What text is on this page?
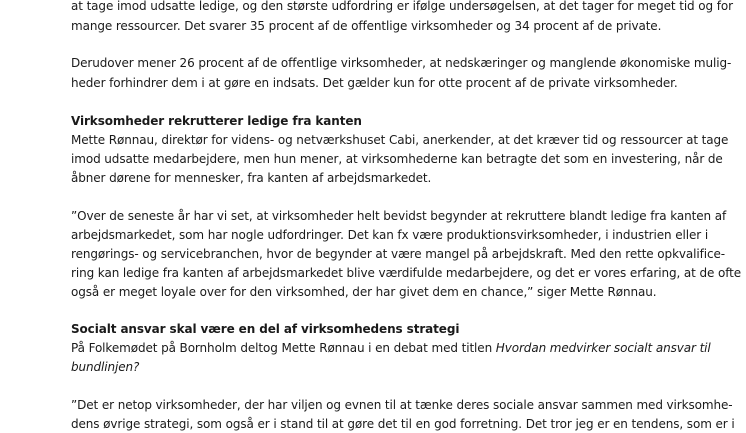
at tage imod udsatte ledige, og den største udfordring er ifølge undersøgelsen, at det tager for meget tid og for
mange ressourcer. Det svarer 35 procent af de offentlige virksomheder og 34 procent af de private.
Derudover mener 26 procent af de offentlige virksomheder, at nedskæringer og manglende økonomiske mulig-
heder forhindrer dem i at gøre en indsats. Det gælder kun for otte procent af de private virksomheder.
Virksomheder rekrutterer ledige fra kanten
Mette Rønnau, direktør for videns- og netværkshuset Cabi, anerkender, at det kræver tid og ressourcer at tage
imod udsatte medarbejdere, men hun mener, at virksomhederne kan betragte det som en investering, når de
åbner dørene for mennesker, fra kanten af arbejdsmarkedet.
”Over de seneste år har vi set, at virksomheder helt bevidst begynder at rekruttere blandt ledige fra kanten af
arbejdsmarkedet, som har nogle udfordringer. Det kan fx være produktionsvirksomheder, i industrien eller i
rengørings- og servicebranchen, hvor de begynder at være mangel på arbejdskraft. Med den rette opkvalifice-
ring kan ledige fra kanten af arbejdsmarkedet blive værdifulde medarbejdere, og det er vores erfaring, at de ofte
også er meget loyale over for den virksomhed, der har givet dem en chance,” siger Mette Rønnau.
Socialt ansvar skal være en del af virksomhedens strategi
På Folkemødet på Bornholm deltog Mette Rønnau i en debat med titlen Hvordan medvirker socialt ansvar til
bundlinjen?
”Det er netop virksomheder, der har viljen og evnen til at tænke deres sociale ansvar sammen med virksomhe-
dens øvrige strategi, som også er i stand til at gøre det til en god forretning. Det tror jeg er en tendens, som er i
